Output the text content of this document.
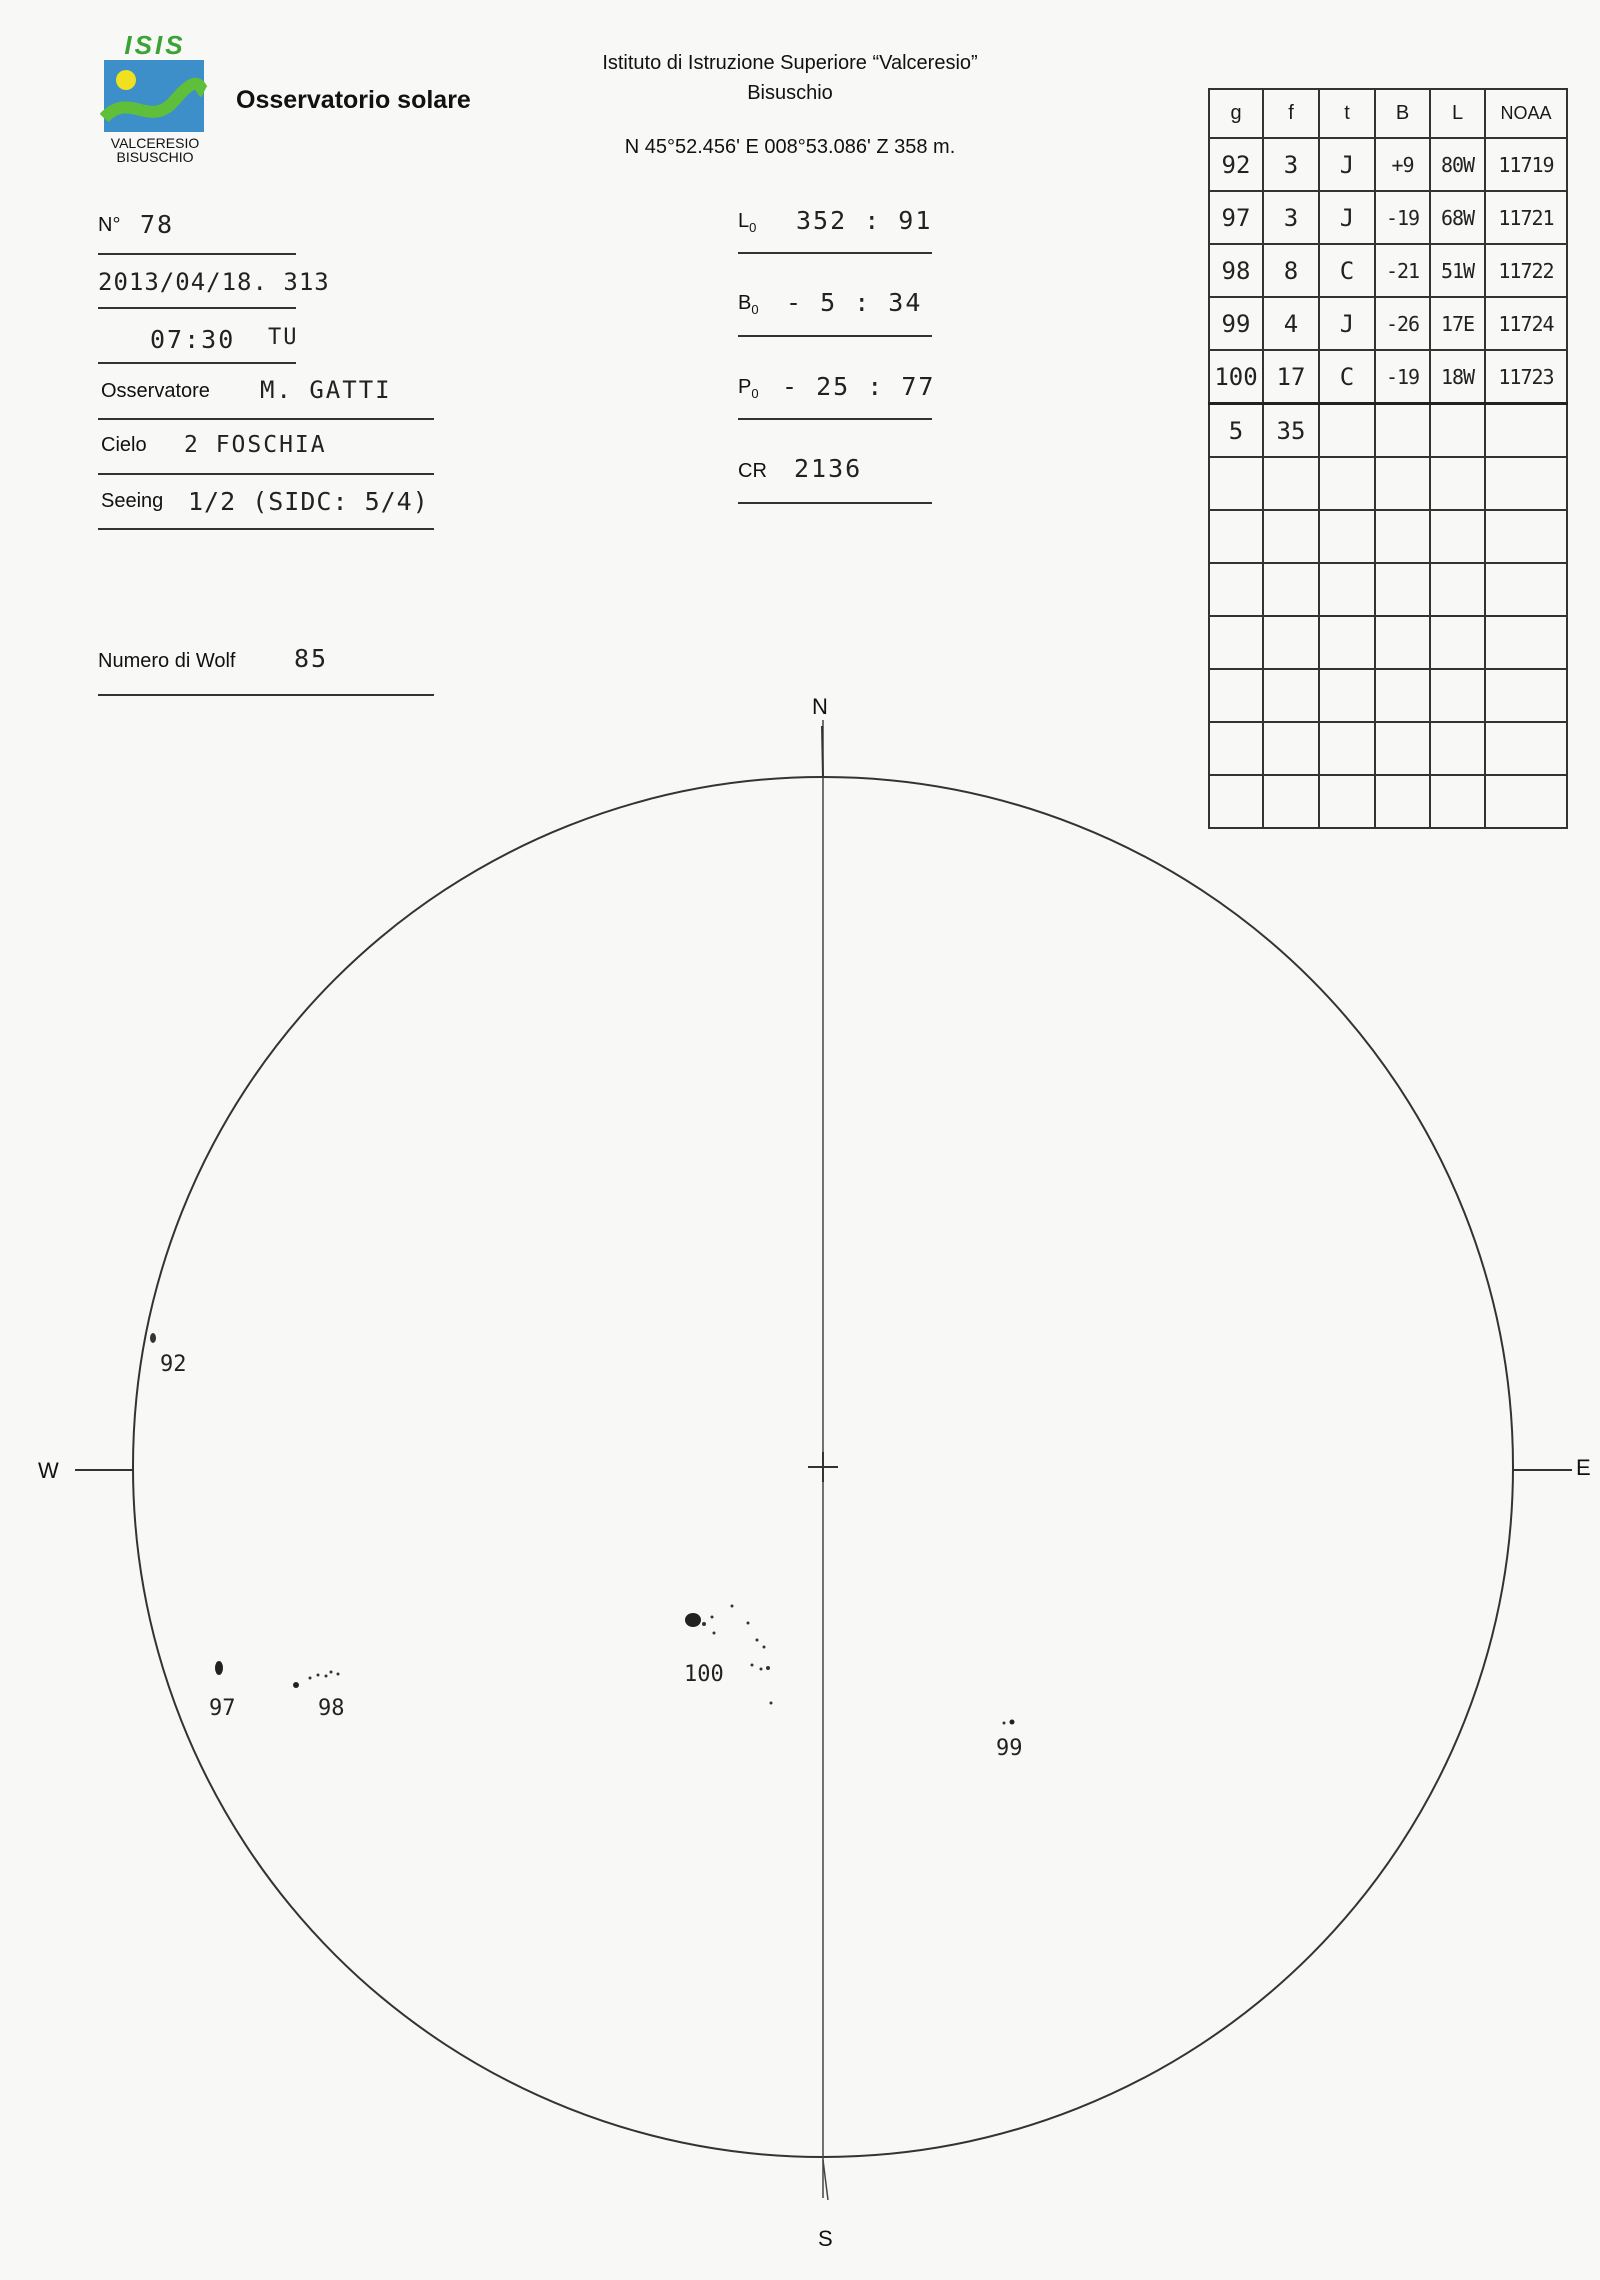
ISIS
VALCERESIO
BISUSCHIO
Osservatorio solare
Istituto di Istruzione Superiore “Valceresio”
Bisuschio
N 45°52.456' E 008°53.086' Z 358 m.
N° 78
2013/04/18. 313
07:30 TU
Osservatore M. GATTI
Cielo 2 FOSCHIA
Seeing 1/2 (SIDC: 5/4)
Numero di Wolf 85
$L_0$ 352 : 91
$B_0 - 5$ : 34
$P_0 - 25$ : 77
CR 2136
g	f	t	B	L	NOAA
92	3	J	+9	80W	11719
97	3	J	-19	68W	11721
98	8	C	-21	51W	11722
99	4	J	-26	17E	11724
100	17	C	-19	18W	11723
5	35				

N
S
W	E
92
97	98
100
99
